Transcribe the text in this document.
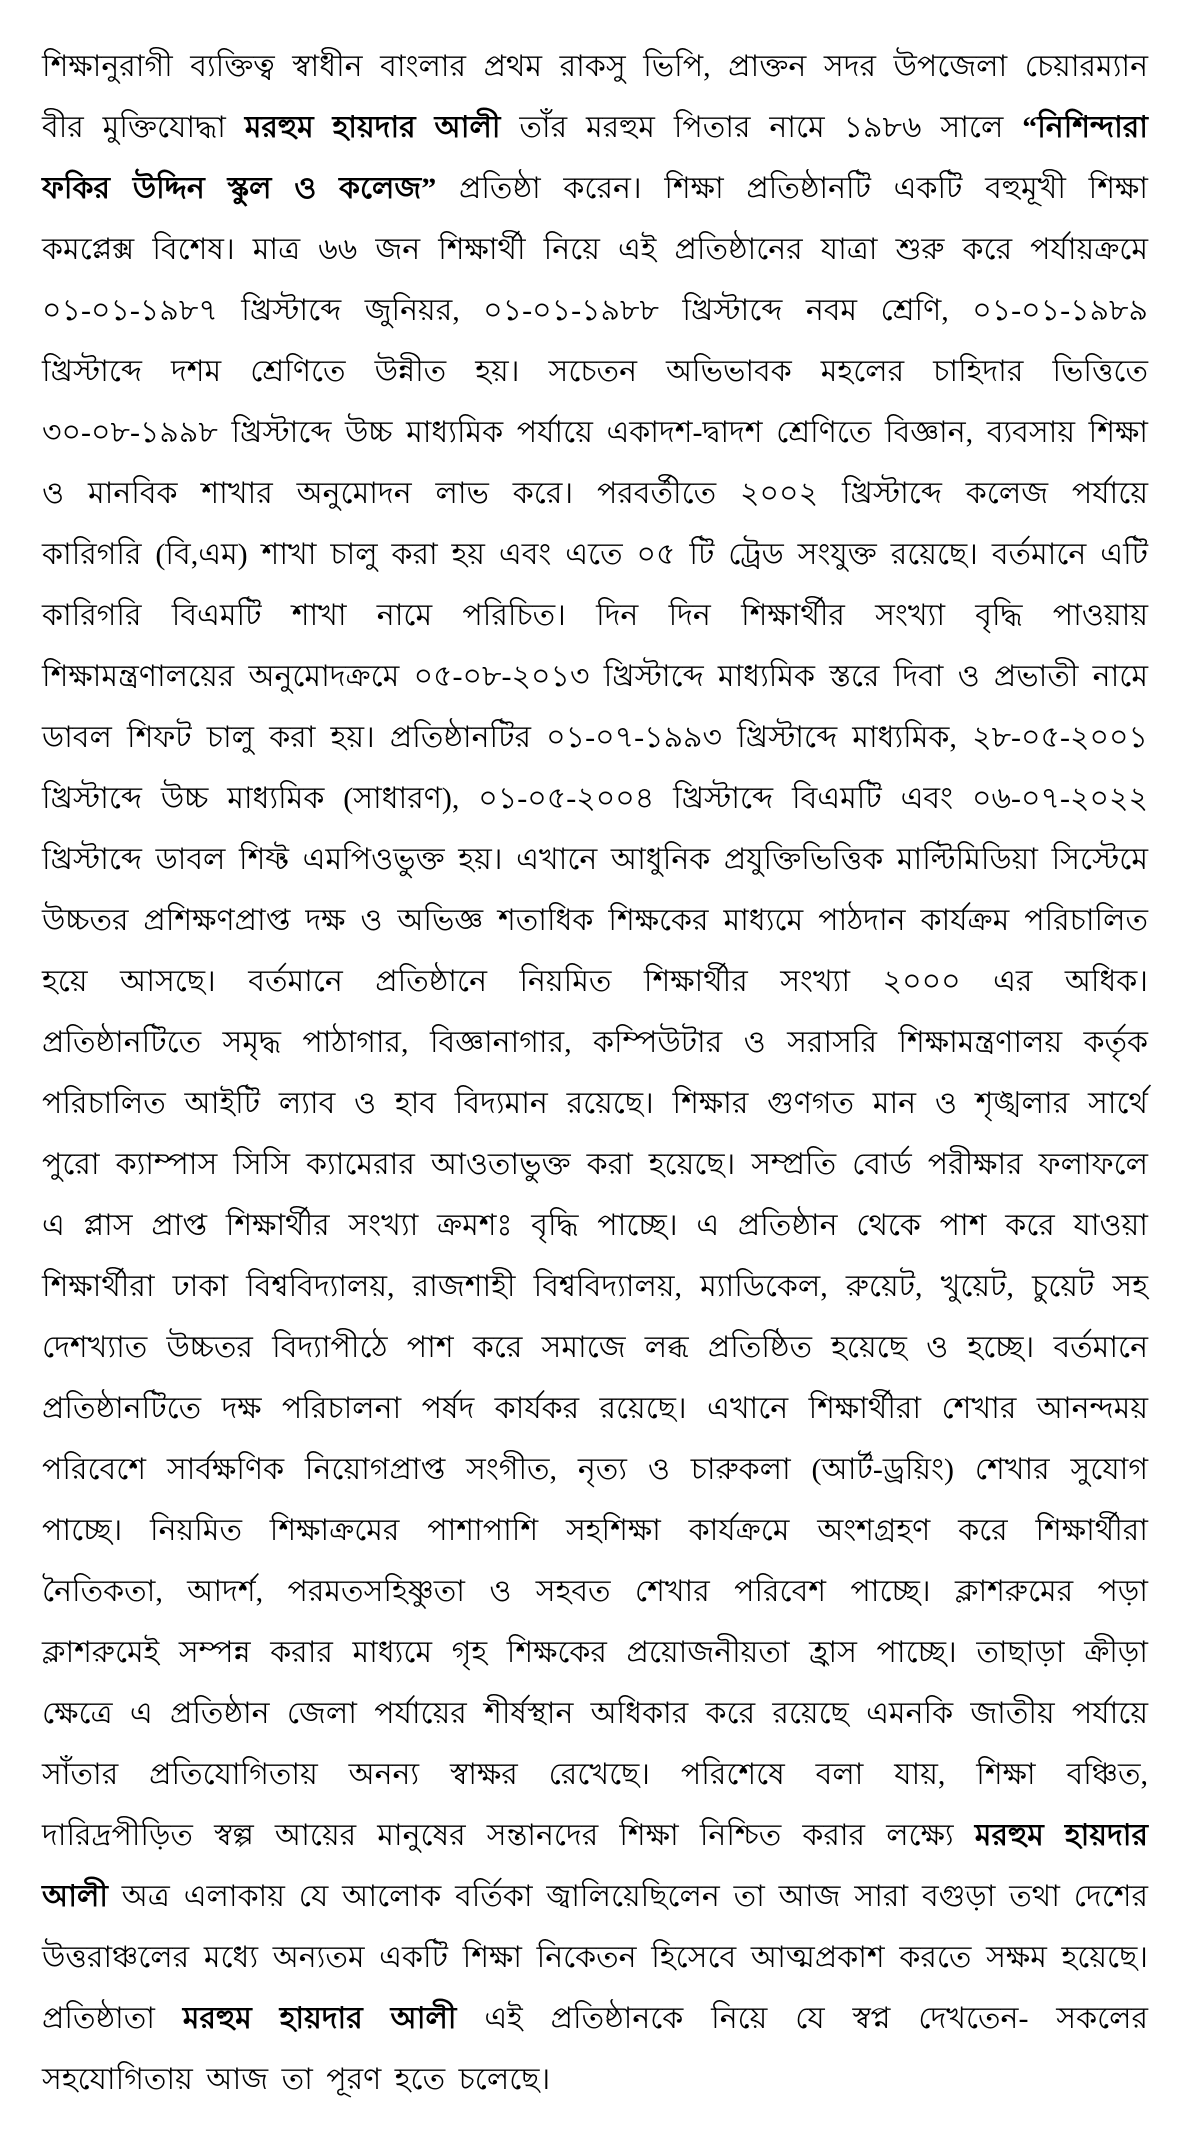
শিক্ষানুরাগী ব্যক্তিত্ব স্বাধীন বাংলার প্রথম রাকসু ভিপি, প্রাক্তন সদর উপজেলা চেয়ারম্যান বীর মুক্তিযোদ্ধা মরহুম হায়দার আলী তাঁর মরহুম পিতার নামে ১৯৮৬ সালে “নিশিন্দারা ফকির উদ্দিন স্কুল ও কলেজ” প্রতিষ্ঠা করেন। শিক্ষা প্রতিষ্ঠানটি একটি বহুমূখী শিক্ষা কমপ্লেক্স বিশেষ। মাত্র ৬৬ জন শিক্ষার্থী নিয়ে এই প্রতিষ্ঠানের যাত্রা শুরু করে পর্যায়ক্রমে ০১-০১-১৯৮৭ খ্রিস্টাব্দে জুনিয়র, ০১-০১-১৯৮৮ খ্রিস্টাব্দে নবম শ্রেণি, ০১-০১-১৯৮৯ খ্রিস্টাব্দে দশম শ্রেণিতে উন্নীত হয়। সচেতন অভিভাবক মহলের চাহিদার ভিত্তিতে ৩০-০৮-১৯৯৮ খ্রিস্টাব্দে উচ্চ মাধ্যমিক পর্যায়ে একাদশ-দ্বাদশ শ্রেণিতে বিজ্ঞান, ব্যবসায় শিক্ষা ও মানবিক শাখার অনুমোদন লাভ করে। পরবর্তীতে ২০০২ খ্রিস্টাব্দে কলেজ পর্যায়ে কারিগরি (বি,এম) শাখা চালু করা হয় এবং এতে ০৫ টি ট্রেড সংযুক্ত রয়েছে। বর্তমানে এটি কারিগরি বিএমটি শাখা নামে পরিচিত। দিন দিন শিক্ষার্থীর সংখ্যা বৃদ্ধি পাওয়ায় শিক্ষামন্ত্রণালয়ের অনুমোদক্রমে ০৫-০৮-২০১৩ খ্রিস্টাব্দে মাধ্যমিক স্তরে দিবা ও প্রভাতী নামে ডাবল শিফট চালু করা হয়। প্রতিষ্ঠানটির ০১-০৭-১৯৯৩ খ্রিস্টাব্দে মাধ্যমিক, ২৮-০৫-২০০১ খ্রিস্টাব্দে উচ্চ মাধ্যমিক (সাধারণ), ০১-০৫-২০০৪ খ্রিস্টাব্দে বিএমটি এবং ০৬-০৭-২০২২ খ্রিস্টাব্দে ডাবল শিফ্ট এমপিওভুক্ত হয়। এখানে আধুনিক প্রযুক্তিভিত্তিক মাল্টিমিডিয়া সিস্টেমে উচ্চতর প্রশিক্ষণপ্রাপ্ত দক্ষ ও অভিজ্ঞ শতাধিক শিক্ষকের মাধ্যমে পাঠদান কার্যক্রম পরিচালিত হয়ে আসছে। বর্তমানে প্রতিষ্ঠানে নিয়মিত শিক্ষার্থীর সংখ্যা ২০০০ এর অধিক। প্রতিষ্ঠানটিতে সমৃদ্ধ পাঠাগার, বিজ্ঞানাগার, কম্পিউটার ও সরাসরি শিক্ষামন্ত্রণালয় কর্তৃক পরিচালিত আইটি ল্যাব ও হাব বিদ্যমান রয়েছে। শিক্ষার গুণগত মান ও শৃঙ্খলার সার্থে পুরো ক্যাম্পাস সিসি ক্যামেরার আওতাভুক্ত করা হয়েছে। সম্প্রতি বোর্ড পরীক্ষার ফলাফলে এ প্লাস প্রাপ্ত শিক্ষার্থীর সংখ্যা ক্রমশঃ বৃদ্ধি পাচ্ছে। এ প্রতিষ্ঠান থেকে পাশ করে যাওয়া শিক্ষার্থীরা ঢাকা বিশ্ববিদ্যালয়, রাজশাহী বিশ্ববিদ্যালয়, ম্যাডিকেল, রুয়েট, খুয়েট, চুয়েট সহ দেশখ্যাত উচ্চতর বিদ্যাপীঠে পাশ করে সমাজে লব্ধ প্রতিষ্ঠিত হয়েছে ও হচ্ছে। বর্তমানে প্রতিষ্ঠানটিতে দক্ষ পরিচালনা পর্ষদ কার্যকর রয়েছে। এখানে শিক্ষার্থীরা শেখার আনন্দময় পরিবেশে সার্বক্ষণিক নিয়োগপ্রাপ্ত সংগীত, নৃত্য ও চারুকলা (আর্ট-ড্রয়িং) শেখার সুযোগ পাচ্ছে। নিয়মিত শিক্ষাক্রমের পাশাপাশি সহশিক্ষা কার্যক্রমে অংশগ্রহণ করে শিক্ষার্থীরা নৈতিকতা, আদর্শ, পরমতসহিষ্ণুতা ও সহবত শেখার পরিবেশ পাচ্ছে। ক্লাশরুমের পড়া ক্লাশরুমেই সম্পন্ন করার মাধ্যমে গৃহ শিক্ষকের প্রয়োজনীয়তা হ্রাস পাচ্ছে। তাছাড়া ক্রীড়া ক্ষেত্রে এ প্রতিষ্ঠান জেলা পর্যায়ের শীর্ষস্থান অধিকার করে রয়েছে এমনকি জাতীয় পর্যায়ে সাঁতার প্রতিযোগিতায় অনন্য স্বাক্ষর রেখেছে। পরিশেষে বলা যায়, শিক্ষা বঞ্চিত, দারিদ্রপীড়িত স্বল্প আয়ের মানুষের সন্তানদের শিক্ষা নিশ্চিত করার লক্ষ্যে মরহুম হায়দার আলী অত্র এলাকায় যে আলোক বর্তিকা জ্বালিয়েছিলেন তা আজ সারা বগুড়া তথা দেশের উত্তরাঞ্চলের মধ্যে অন্যতম একটি শিক্ষা নিকেতন হিসেবে আত্মপ্রকাশ করতে সক্ষম হয়েছে। প্রতিষ্ঠাতা মরহুম হায়দার আলী এই প্রতিষ্ঠানকে নিয়ে যে স্বপ্ন দেখতেন- সকলের সহযোগিতায় আজ তা পূরণ হতে চলেছে।
